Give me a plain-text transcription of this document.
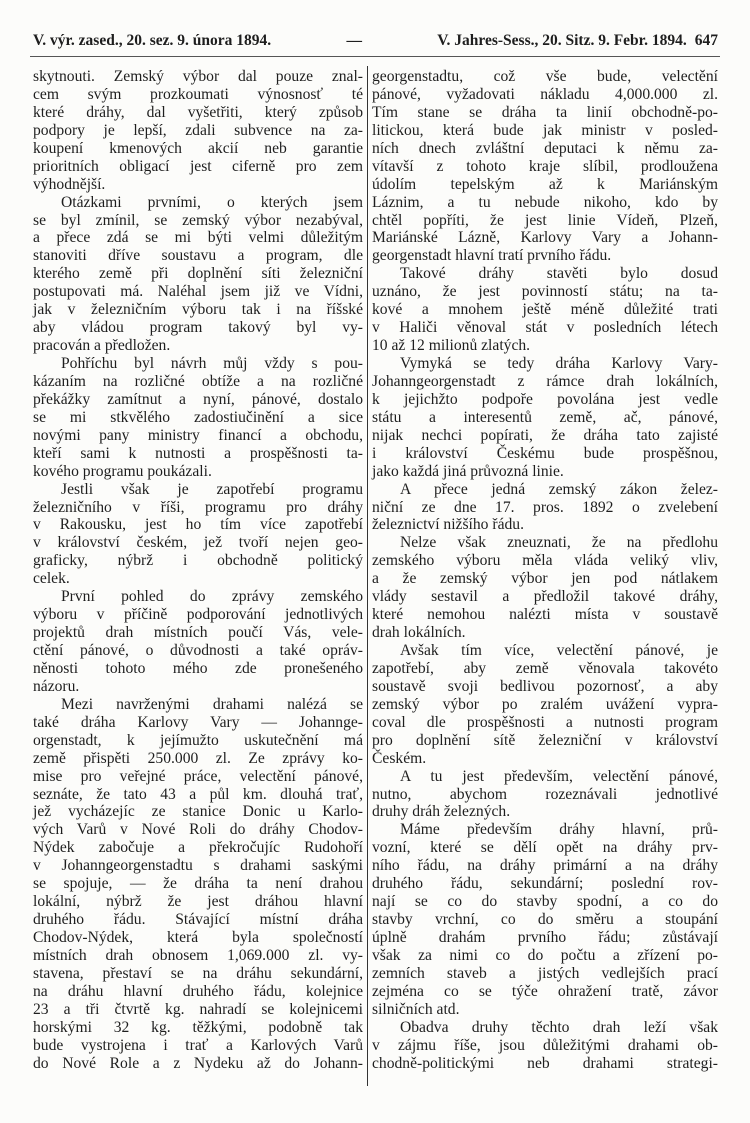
V. výr. zased., 20. sez. 9. února 1894.	—	V. Jahres-Sess., 20. Sitz. 9. Febr. 1894. 647
skytnouti. Zemský výbor dal pouze znal-
cem svým prozkoumati výnosnosť té
které dráhy, dal vyšetřiti, který způsob
podpory je lepší, zdali subvence na za-
koupení kmenových akcií neb garantie
prioritních obligací jest ciferně pro zem
výhodnější.
Otázkami prvními, o kterých jsem
se byl zmínil, se zemský výbor nezabýval,
a přece zdá se mi býti velmi důležitým
stanoviti dříve soustavu a program, dle
kterého země při doplnění síti železniční
postupovati má. Naléhal jsem již ve Vídni,
jak v železničním výboru tak i na říšské
aby vládou program takový byl vy-
pracován a předložen.
Pohříchu byl návrh můj vždy s pou-
kázaním na rozličné obtíže a na rozličné
překážky zamítnut a nyní, pánové, dostalo
se mi stkvělého zadostiučinění a sice
novými pany ministry financí a obchodu,
kteří sami k nutnosti a prospěšnosti ta-
kového programu poukázali.
Jestli však je zapotřebí programu
železničního v říši, programu pro dráhy
v Rakousku, jest ho tím více zapotřebí
v království českém, jež tvoří nejen geo-
graficky, nýbrž i obchodně politický
celek.
První pohled do zprávy zemského
výboru v příčině podporování jednotlivých
projektů drah místních poučí Vás, vele-
ctění pánové, o důvodnosti a také opráv-
něnosti tohoto mého zde pronešeného
názoru.
Mezi navrženými drahami nalézá se
také dráha Karlovy Vary — Johannge-
orgenstadt, k jejímužto uskutečnění má
země přispěti 250.000 zl. Ze zprávy ko-
mise pro veřejné práce, velectění pánové,
seznáte, že tato 43 a půl km. dlouhá trať,
jež vycházejíc ze stanice Donic u Karlo-
vých Varů v Nové Roli do dráhy Chodov-
Nýdek zabočuje a překročujíc Rudohoří
v Johanngeorgenstadtu s drahami saskými
se spojuje, — že dráha ta není drahou
lokální, nýbrž že jest dráhou hlavní
druhého řádu. Stávající místní dráha
Chodov-Nýdek, která byla společností
místních drah obnosem 1,069.000 zl. vy-
stavena, přestaví se na dráhu sekundární,
na dráhu hlavní druhého řádu, kolejnice
23 a tři čtvrtě kg. nahradí se kolejnicemi
horskými 32 kg. těžkými, podobně tak
bude vystrojena i trať a Karlových Varů
do Nové Role a z Nydeku až do Johann-
georgenstadtu, což vše bude, velectění
pánové, vyžadovati nákladu 4,000.000 zl.
Tím stane se dráha ta linií obchodně-po-
litickou, která bude jak ministr v posled-
ních dnech zvláštní deputaci k němu za-
vítavší z tohoto kraje slíbil, prodloužena
údolím tepelským až k Mariánským
Láznim, a tu nebude nikoho, kdo by
chtěl popříti, že jest linie Vídeň, Plzeň,
Mariánské Lázně, Karlovy Vary a Johann-
georgenstadt hlavní tratí prvního řádu.
Takové dráhy stavěti bylo dosud
uznáno, že jest povinností státu; na ta-
kové a mnohem ještě méně důležité trati
v Haliči věnoval stát v posledních létech
10 až 12 milionů zlatých.
Vymyká se tedy dráha Karlovy Vary-
Johanngeorgenstadt z rámce drah lokálních,
k jejichžto podpoře povolána jest vedle
státu a interesentů země, ač, pánové,
nijak nechci popírati, že dráha tato zajisté
i království Českému bude prospěšnou,
jako každá jiná průvozná linie.
A přece jedná zemský zákon želez-
niční ze dne 17. pros. 1892 o zvelebení
železnictví nižšího řádu.
Nelze však zneuznati, že na předlohu
zemského výboru měla vláda veliký vliv,
a že zemský výbor jen pod nátlakem
vlády sestavil a předložil takové dráhy,
které nemohou nalézti místa v soustavě
drah lokálních.
Avšak tím více, velectění pánové, je
zapotřebí, aby země věnovala takovéto
soustavě svoji bedlivou pozornosť, a aby
zemský výbor po zralém uvážení vypra-
coval dle prospěšnosti a nutnosti program
pro doplnění sítě železniční v království
Českém.
A tu jest především, velectění pánové,
nutno, abychom rozeznávali jednotlivé
druhy dráh železných.
Máme především dráhy hlavní, prů-
vozní, které se dělí opět na dráhy prv-
ního řádu, na dráhy primární a na dráhy
druhého řádu, sekundární; poslední rov-
nají se co do stavby spodní, a co do
stavby vrchní, co do směru a stoupání
úplně drahám prvního řádu; zůstávají
však za nimi co do počtu a zřízení po-
zemních staveb a jistých vedlejších prací
zejména co se týče ohražení tratě, závor
silničních atd.
Obadva druhy těchto drah leží však
v zájmu říše, jsou důležitými drahami ob-
chodně-politickými neb drahami strategi-
